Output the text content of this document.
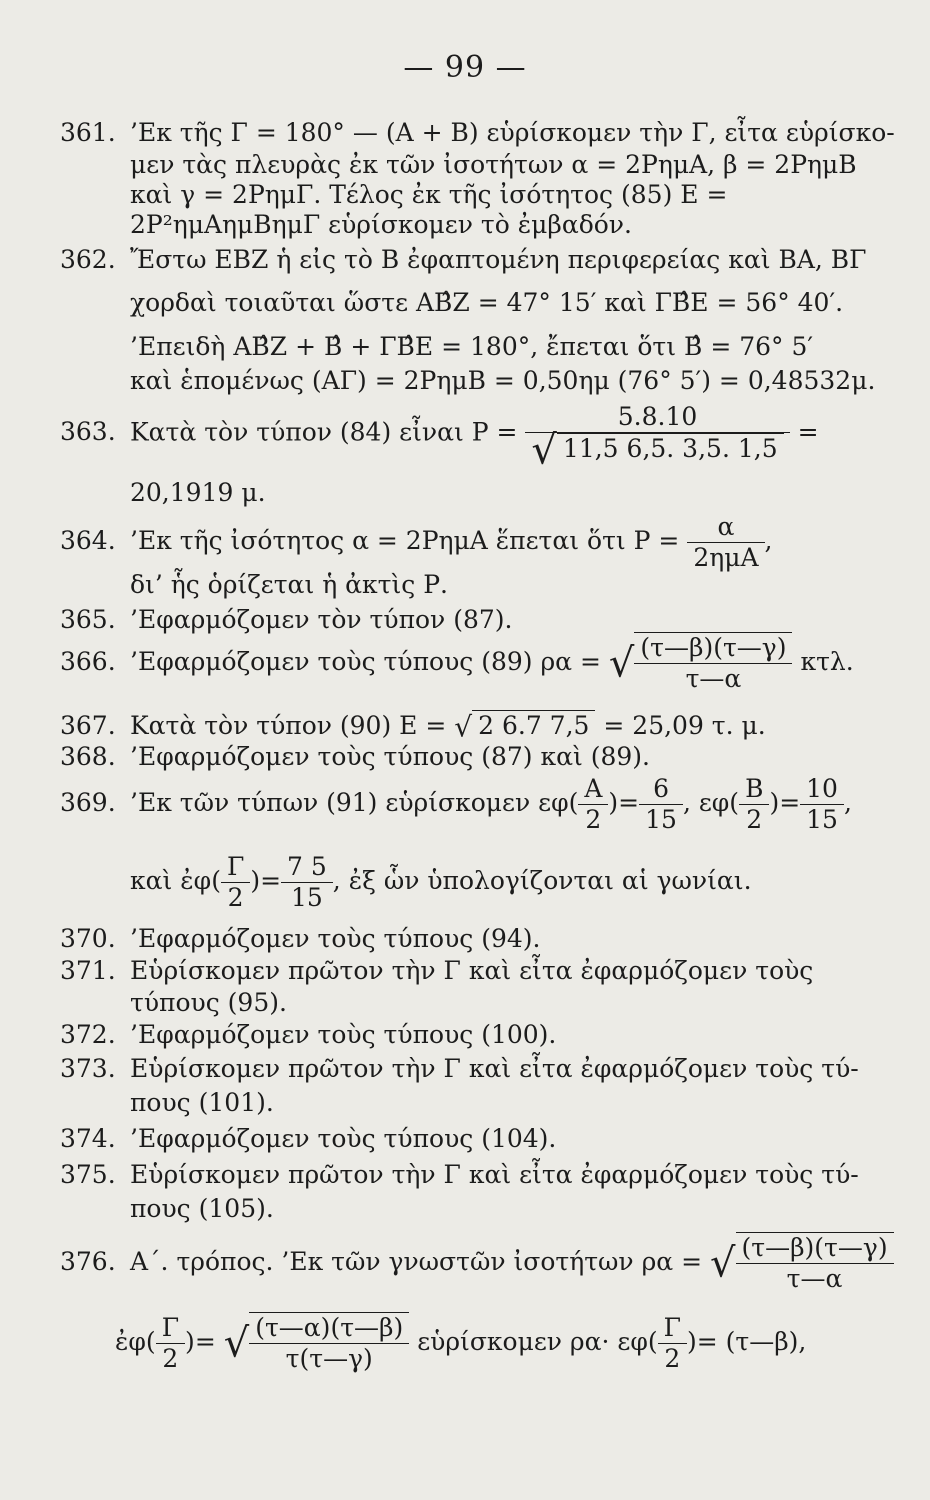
— 99 —
361. ’Εκ τῆς Γ = 180° — (Α + Β) εὑρίσκομεν τὴν Γ, εἶτα εὑρίσκο-
μεν τὰς πλευρὰς ἐκ τῶν ἰσοτήτων α = 2ΡημΑ, β = 2ΡημΒ
καὶ γ = 2ΡημΓ. Τέλος ἐκ τῆς ἰσότητος (85) Ε =
2Ρ²ημΑημΒημΓ εὑρίσκομεν τὸ ἐμβαδόν.
362. Ἔστω ΕΒΖ ἡ εἰς τὸ Β ἐφαπτομένη περιφερείας καὶ ΒΑ, ΒΓ
χορδαὶ τοιαῦται ὥστε ΑΒ̂Ζ = 47° 15′ καὶ ΓΒ̂Ε = 56° 40′.
’Επειδὴ ΑΒ̂Ζ + Β̂ + ΓΒ̂Ε = 180°, ἔπεται ὅτι Β̂ = 76° 5′
καὶ ἑπομένως (ΑΓ) = 2ΡημΒ = 0,50ημ (76° 5′) = 0,48532μ.
363. Κατὰ τὸν τύπον (84) εἶναι $P = \frac{5.8.10}{√ 11,5 6,5. 3,5. 1,5}$ =
20,1919 μ.
364. ’Εκ τῆς ἰσότητος α = 2ΡημΑ ἕπεται ὅτι $P = \frac{\alpha}{\text{2ημΑ}}$ ,
δι’ ἧς ὁρίζεται ἡ ἀκτὶς Ρ.
365. ’Εφαρμόζομεν τὸν τύπον (87).
366. ’Εφαρμόζομεν τοὺς τύπους (89) ρα = √ $\frac{(\tau—\beta)(\tau—\gamma)}{\tau—\alpha} \kappa\tau\lambda$.
367. Κατὰ τὸν τύπον (90) Ε = √ 2 6.7 7,5 = 25,09 τ. μ.
368. ’Εφαρμόζομεν τοὺς τύπους (87) καὶ (89).
369. ’Εκ τῶν τύπων (91) εὑρίσκομεν $\varepsilon\varphi( \frac{A}{2}$ )= $\frac{6}{15}$ , $\varepsilon\varphi( \frac{B}{2}$ )= $\frac{10}{15}$ ,
καὶ ἐφ( $\frac{\Gamma}{2}$ )= $\frac{7 5}{15}$ , ἐξ ὧν ὑπολογίζονται αἱ γωνίαι.
370. ’Εφαρμόζομεν τοὺς τύπους (94).
371. Εὑρίσκομεν πρῶτον τὴν Γ καὶ εἶτα ἐφαρμόζομεν τοὺς
τύπους (95).
372. ’Εφαρμόζομεν τοὺς τύπους (100).
373. Εὑρίσκομεν πρῶτον τὴν Γ καὶ εἶτα ἐφαρμόζομεν τοὺς τύ-
πους (101).
374. ’Εφαρμόζομεν τοὺς τύπους (104).
375. Εὑρίσκομεν πρῶτον τὴν Γ καὶ εἶτα ἐφαρμόζομεν τοὺς τύ-
πους (105).
376. Α΄. τρόπος. ’Εκ τῶν γνωστῶν ἰσοτήτων ρα = √ $\frac{(\tau—\beta)(\tau—\gamma)}{\tau—\alpha}$
ἐφ( $\frac{\Gamma}{2}$ )= √ $\frac{(\tau—\alpha)(\tau—\beta)}{\tau(\tau—\gamma)}$ εὑρίσκομεν $\rho\alpha\cdot \varepsilon\varphi( \frac{\Gamma}{2}$ )= (τ—β),
